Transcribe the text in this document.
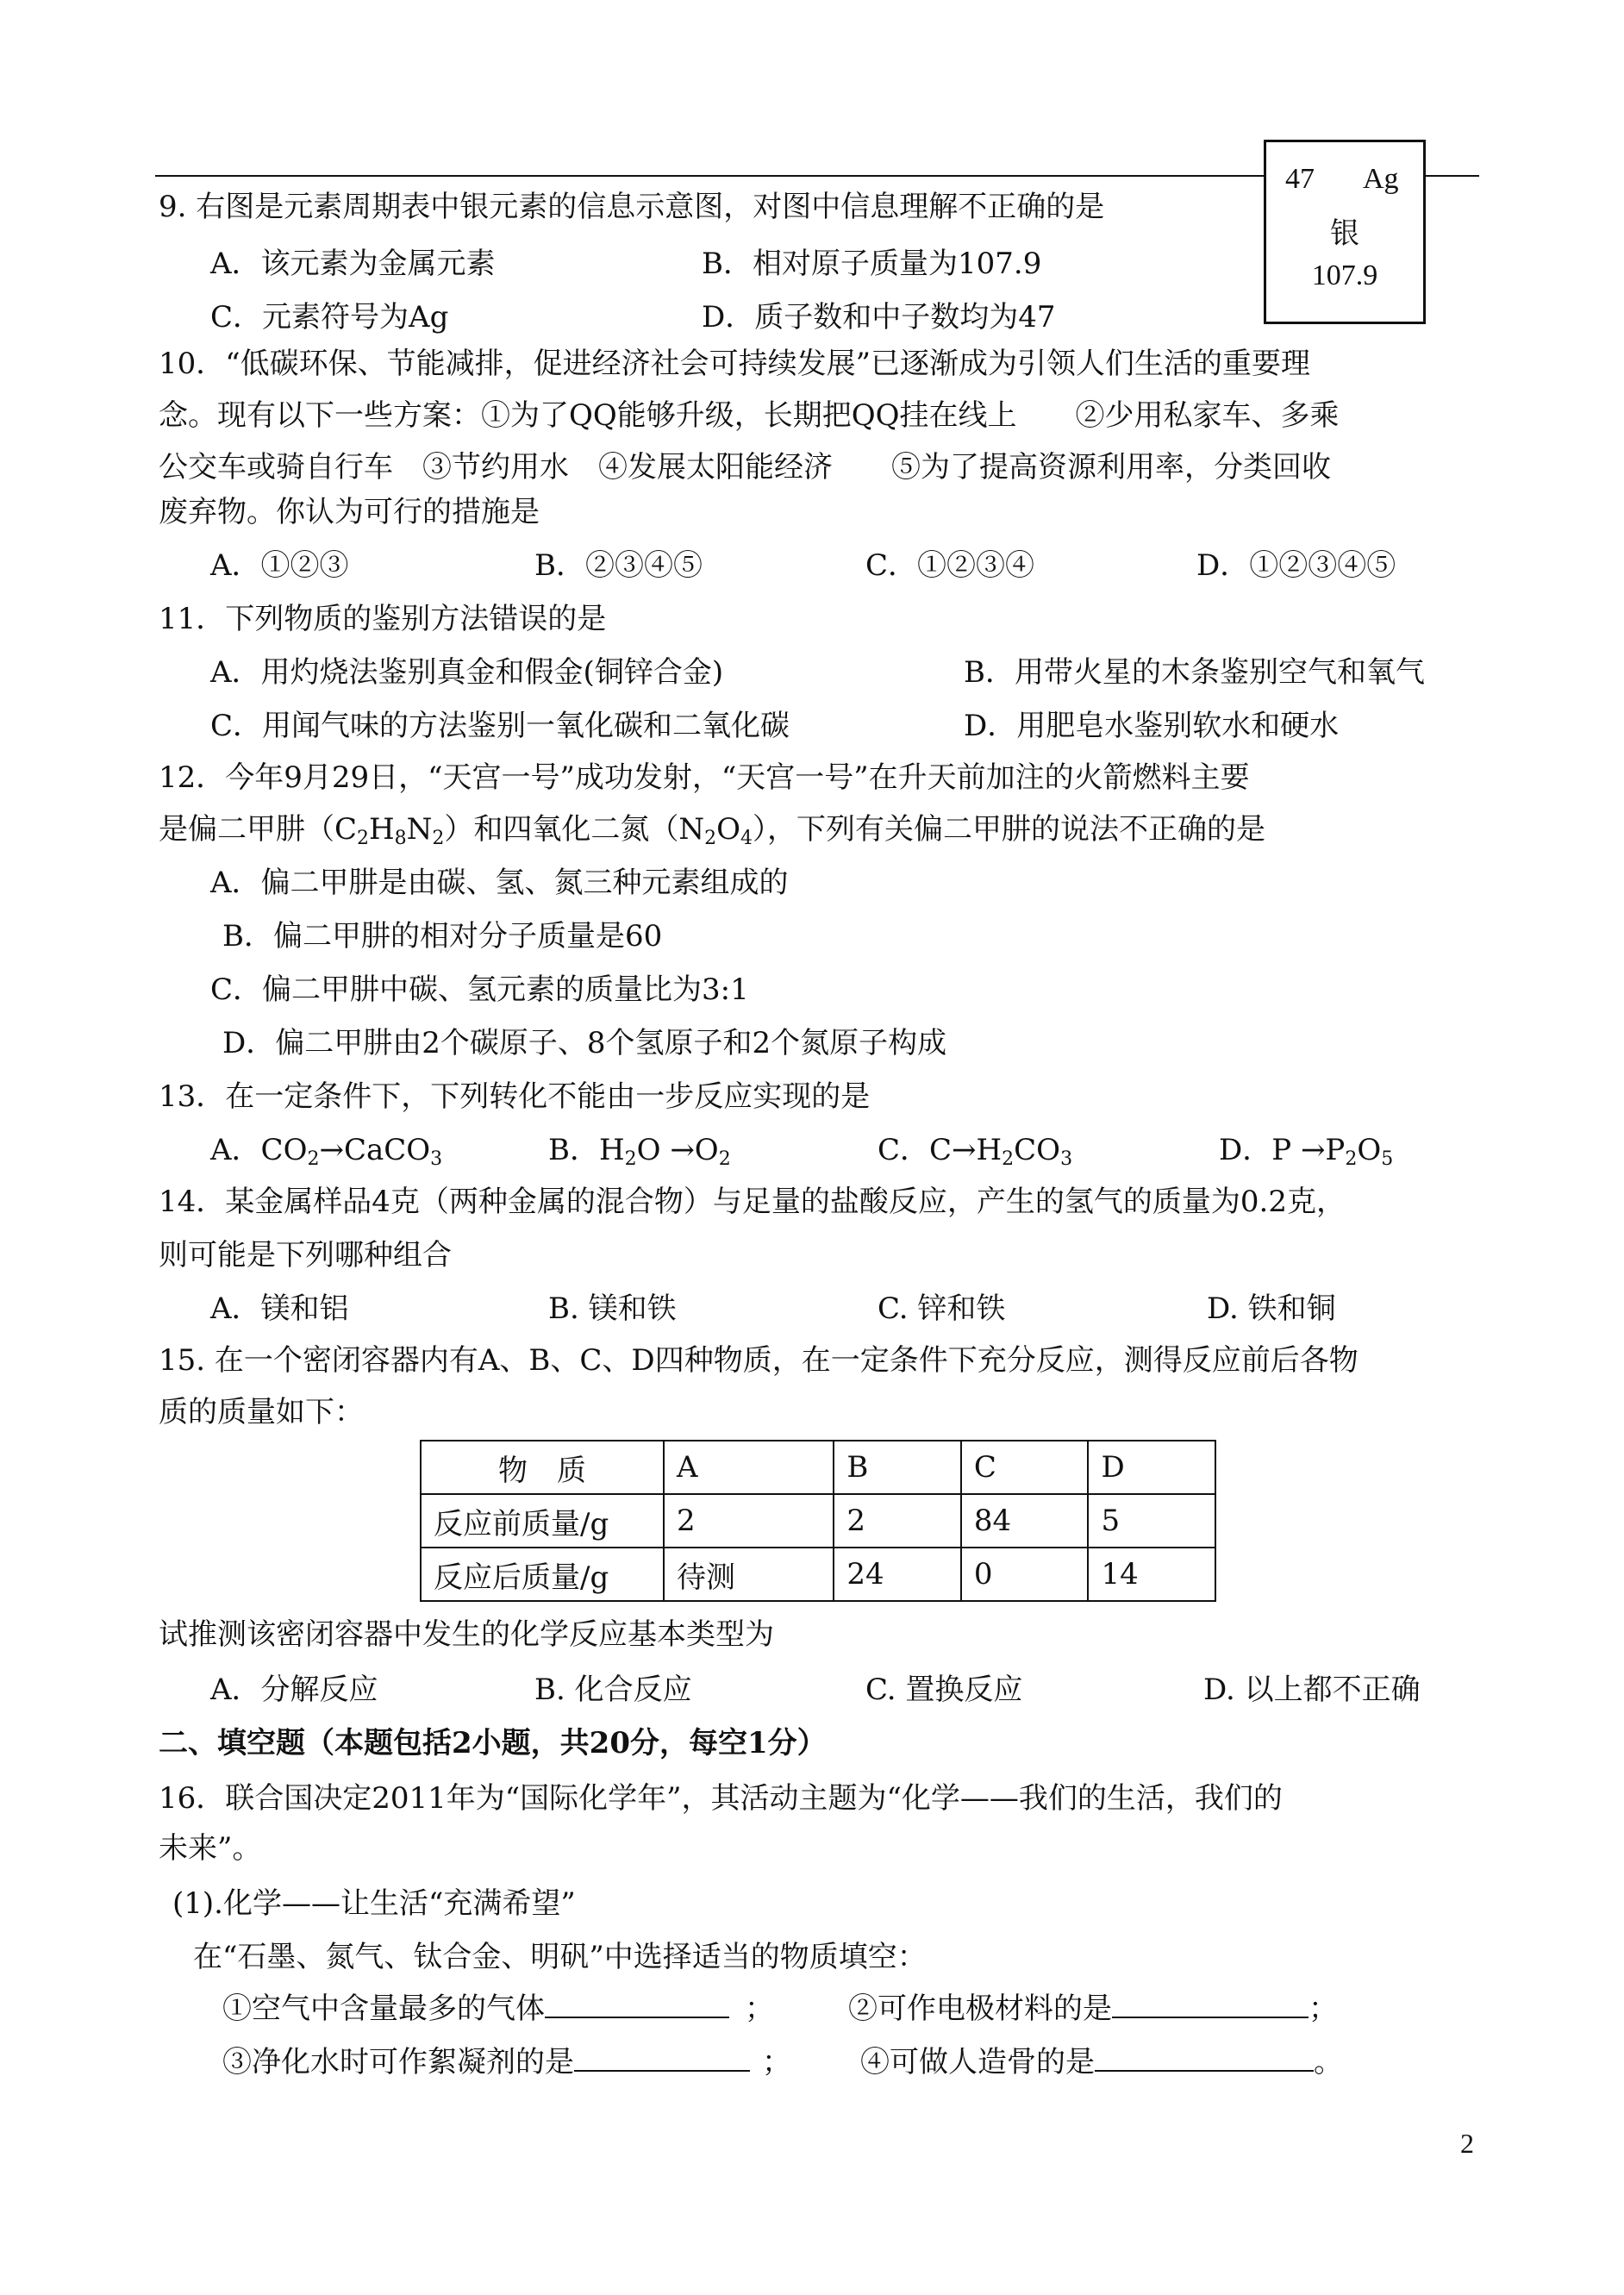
47 Ag
银
107.9
9. 右图是元素周期表中银元素的信息示意图，对图中信息理解不正确的是
A．该元素为金属元素	B．相对原子质量为107.9
C．元素符号为Ag	D．质子数和中子数均为47
10．“低碳环保、节能减排，促进经济社会可持续发展”已逐渐成为引领人们生活的重要理
念。现有以下一些方案：①为了QQ能够升级，长期把QQ挂在线上　　②少用私家车、多乘
公交车或骑自行车　③节约用水　④发展太阳能经济　　⑤为了提高资源利用率，分类回收
废弃物。你认为可行的措施是
A．①②③	B．②③④⑤	C．①②③④	D．①②③④⑤
11．下列物质的鉴别方法错误的是
A．用灼烧法鉴别真金和假金(铜锌合金)	B．用带火星的木条鉴别空气和氧气
C．用闻气味的方法鉴别一氧化碳和二氧化碳	D．用肥皂水鉴别软水和硬水
12．今年9月29日，“天宫一号”成功发射，“天宫一号”在升天前加注的火箭燃料主要
是偏二甲肼$(C_2H_8N_2)$和四氧化二氮$(N_2O_4)$，下列有关偏二甲肼的说法不正确的是
A．偏二甲肼是由碳、氢、氮三种元素组成的
B．偏二甲肼的相对分子质量是60
C．偏二甲肼中碳、氢元素的质量比为3:1
D．偏二甲肼由2个碳原子、8个氢原子和2个氮原子构成
13．在一定条件下，下列转化不能由一步反应实现的是
A．$CO_2\to CaCO_3$	B．$H_2O \to O_2$	C．$C\to H_2CO_3$	D．$P \to P_2O_5$
14．某金属样品4克（两种金属的混合物）与足量的盐酸反应，产生的氢气的质量为0.2克，
则可能是下列哪种组合
A．镁和铝	B. 镁和铁	C. 锌和铁	D. 铁和铜
15. 在一个密闭容器内有A、B、C、D四种物质，在一定条件下充分反应，测得反应前后各物
质的质量如下：
物　质	A	B	C	D
反应前质量/g	2	2	84	5
反应后质量/g	待测	24	0	14
试推测该密闭容器中发生的化学反应基本类型为
A．分解反应	B. 化合反应	C. 置换反应	D. 以上都不正确
二、填空题（本题包括2小题，共20分，每空1分）
16．联合国决定2011年为“国际化学年”，其活动主题为“化学——我们的生活，我们的
未来”。
(1).化学——让生活“充满希望”
在“石墨、氮气、钛合金、明矾”中选择适当的物质填空：
①空气中含量最多的气体	；	②可作电极材料的是	；
③净化水时可作絮凝剂的是	； ④可做人造骨的是	。
2
